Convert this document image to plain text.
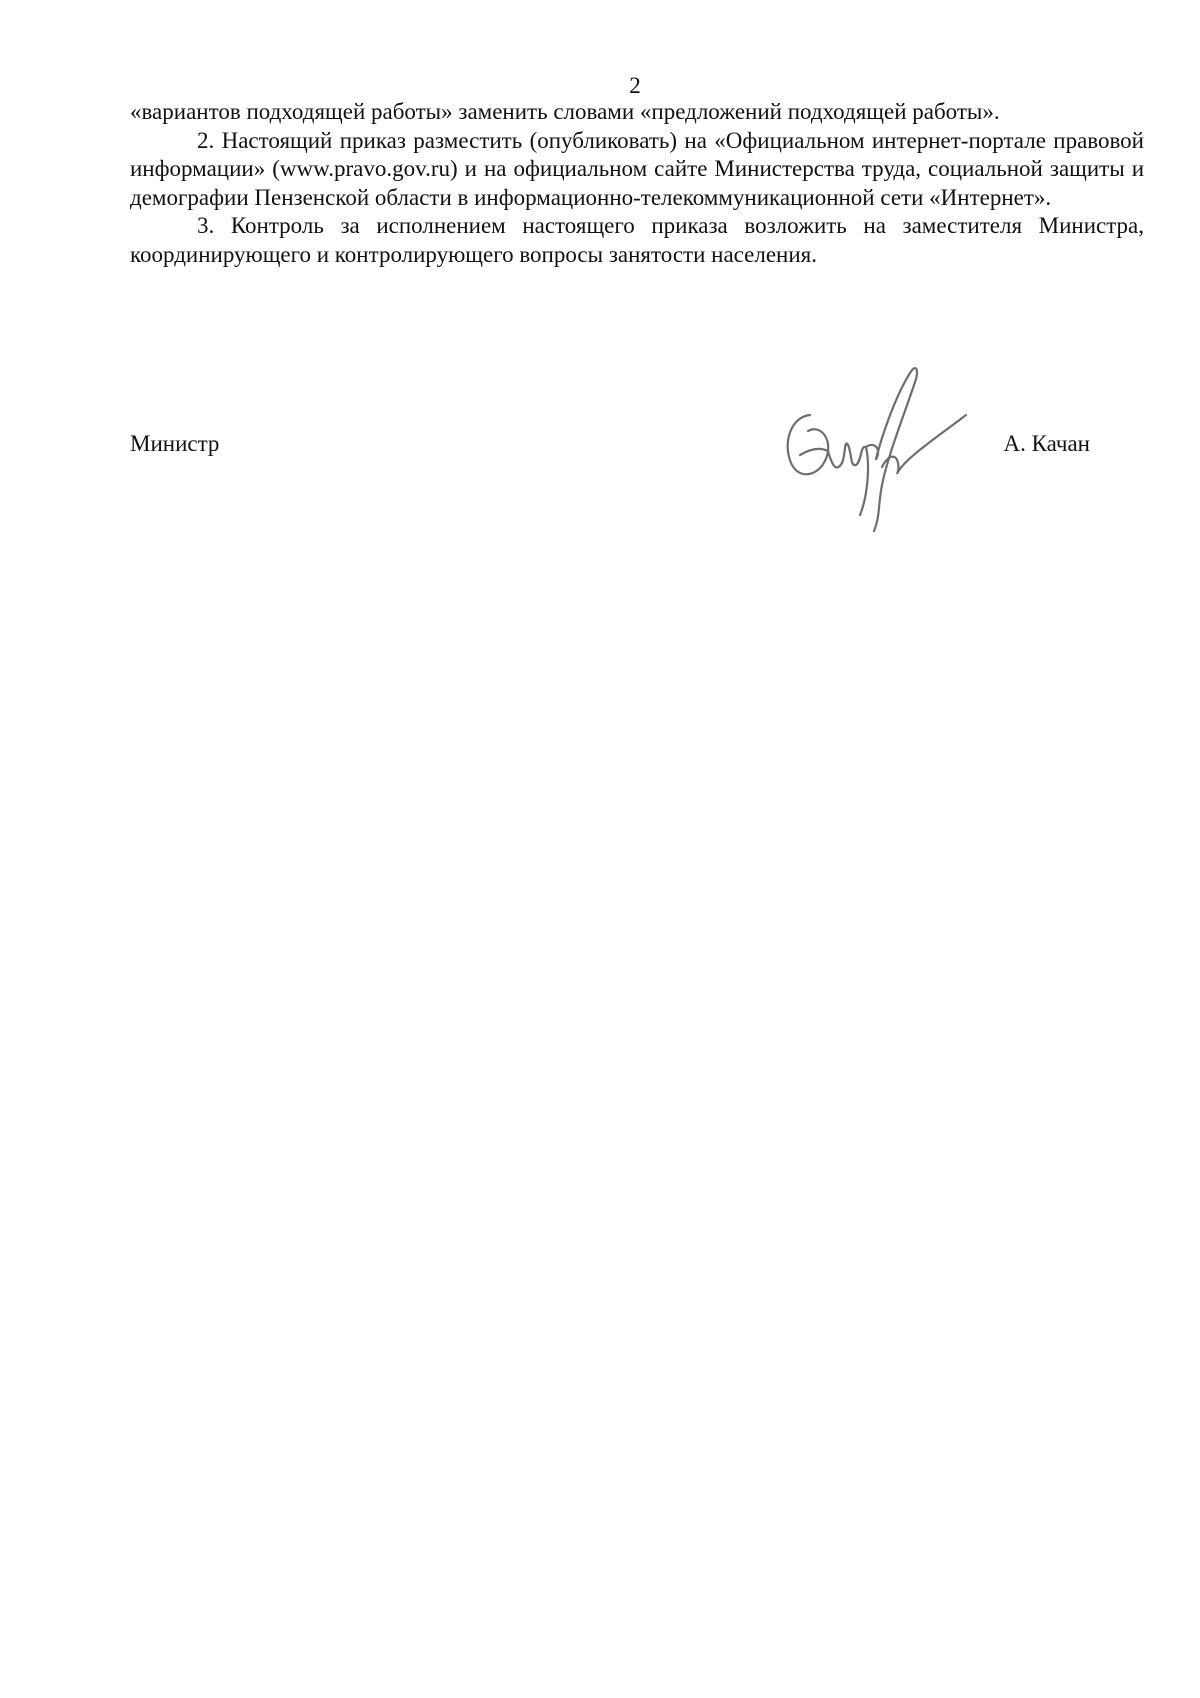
2

«вариантов подходящей работы» заменить словами «предложений подходящей работы».

2. Настоящий приказ разместить (опубликовать) на «Официальном интернет-портале правовой информации» (www.pravo.gov.ru) и на официальном сайте Министерства труда, социальной защиты и демографии Пензенской области в информационно-телекоммуникационной сети «Интернет».

3. Контроль за исполнением настоящего приказа возложить на заместителя Министра, координирующего и контролирующего вопросы занятости населения.

Министр	А. Качан
